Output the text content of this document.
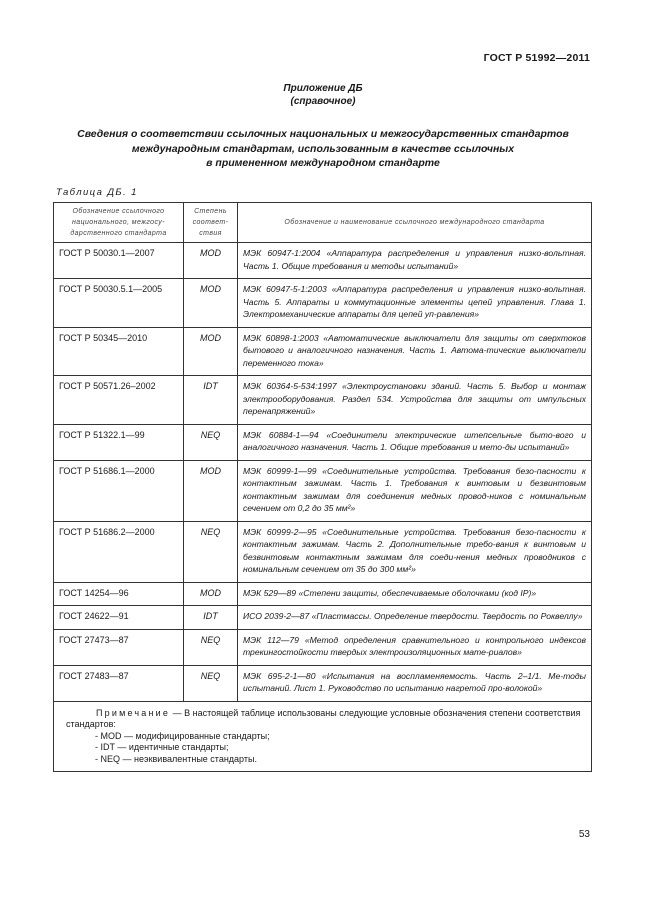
ГОСТ Р 51992—2011
Приложение ДБ
(справочное)
Сведения о соответствии ссылочных национальных и межгосударственных стандартов
международным стандартам, использованным в качестве ссылочных
в примененном международном стандарте
Таблица ДБ. 1
Обозначение ссылочного национального, межгосу-дарственного стандарта	Степень соответ-ствия	Обозначение и наименование ссылочного международного стандарта
ГОСТ Р 50030.1—2007	MOD	МЭК 60947-1:2004 «Аппаратура распределения и управления низко-вольтная. Часть 1. Общие требования и методы испытаний»
ГОСТ Р 50030.5.1—2005	MOD	МЭК 60947-5-1:2003 «Аппаратура распределения и управления низко-вольтная. Часть 5. Аппараты и коммутационные элементы цепей управления. Глава 1. Электромеханические аппараты для цепей уп-равления»
ГОСТ Р 50345—2010	MOD	МЭК 60898-1:2003 «Автоматические выключатели для защиты от сверхтоков бытового и аналогичного назначения. Часть 1. Автома-тические выключатели переменного тока»
ГОСТ Р 50571.26–2002	IDT	МЭК 60364-5-534:1997 «Электроустановки зданий. Часть 5. Выбор и монтаж электрооборудования. Раздел 534. Устройства для защиты от импульсных перенапряжений»
ГОСТ Р 51322.1—99	NEQ	МЭК 60884-1—94 «Соединители электрические штепсельные быто-вого и аналогичного назначения. Часть 1. Общие требования и мето-ды испытаний»
ГОСТ Р 51686.1—2000	MOD	МЭК 60999-1—99 «Соединительные устройства. Требования безо-пасности к контактным зажимам. Часть 1. Требования к винтовым и безвинтовым контактным зажимам для соединения медных провод-ников с номинальным сечением от 0,2 до 35 мм²»
ГОСТ Р 51686.2—2000	NEQ	МЭК 60999-2—95 «Соединительные устройства. Требования безо-пасности к контактным зажимам. Часть 2. Дополнительные требо-вания к винтовым и безвинтовым контактным зажимам для соеди-нения медных проводников с номинальным сечением от 35 до 300 мм²»
ГОСТ 14254—96	MOD	МЭК 529—89 «Степени защиты, обеспечиваемые оболочками (код IP)»
ГОСТ 24622—91	IDT	ИСО 2039-2—87 «Пластмассы. Определение твердости. Твердость по Роквеллу»
ГОСТ 27473—87	NEQ	МЭК 112—79 «Метод определения сравнительного и контрольного индексов трекингостойкости твердых электроизоляционных мате-риалов»
ГОСТ 27483—87	NEQ	МЭК 695-2-1—80 «Испытания на воспламеняемость. Часть 2–1/1. Ме-тоды испытаний. Лист 1. Руководство по испытанию нагретой про-волокой»

Примечание — В настоящей таблице использованы следующие условные обозначения степени соответствия стандартов:
- MOD — модифицированные стандарты;
- IDT — идентичные стандарты;
- NEQ — неэквивалентные стандарты.		
53
